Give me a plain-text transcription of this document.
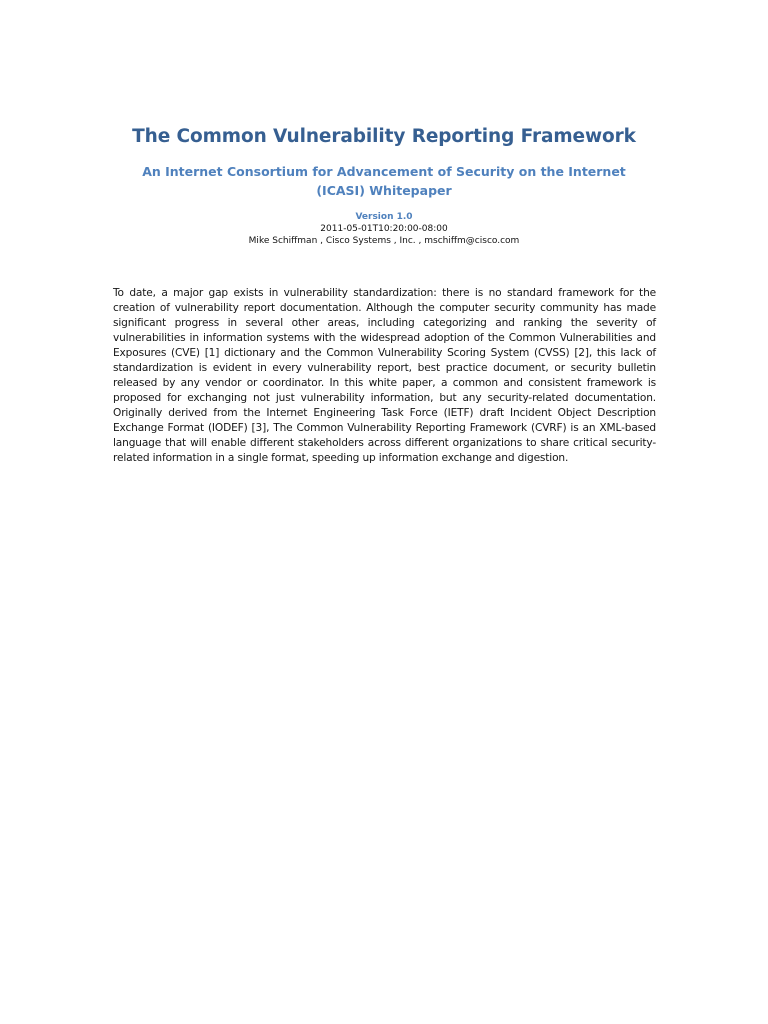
The Common Vulnerability Reporting Framework
An Internet Consortium for Advancement of Security on the Internet (ICASI) Whitepaper
Version 1.0
2011-05-01T10:20:00-08:00
Mike Schiffman , Cisco Systems , Inc. , mschiffm@cisco.com

To date, a major gap exists in vulnerability standardization: there is no standard framework for the creation of vulnerability report documentation. Although the computer security community has made significant progress in several other areas, including categorizing and ranking the severity of vulnerabilities in information systems with the widespread adoption of the Common Vulnerabilities and Exposures (CVE) [1] dictionary and the Common Vulnerability Scoring System (CVSS) [2], this lack of standardization is evident in every vulnerability report, best practice document, or security bulletin released by any vendor or coordinator. In this white paper, a common and consistent framework is proposed for exchanging not just vulnerability information, but any security-related documentation. Originally derived from the Internet Engineering Task Force (IETF) draft Incident Object Description Exchange Format (IODEF) [3], The Common Vulnerability Reporting Framework (CVRF) is an XML-based language that will enable different stakeholders across different organizations to share critical security-related information in a single format, speeding up information exchange and digestion.
